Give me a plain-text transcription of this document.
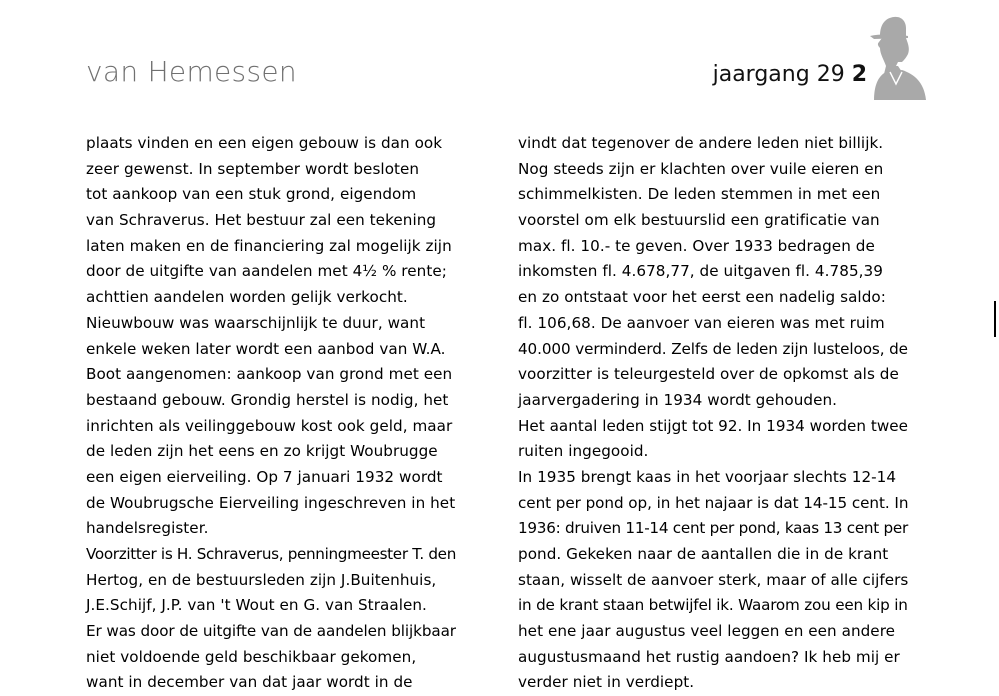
van Hemessen	jaargang 29 2
plaats vinden en een eigen gebouw is dan ook
zeer gewenst. In september wordt besloten
tot aankoop van een stuk grond, eigendom
van Schraverus. Het bestuur zal een tekening
laten maken en de financiering zal mogelijk zijn
door de uitgifte van aandelen met 4½ % rente;
achttien aandelen worden gelijk verkocht.
Nieuwbouw was waarschijnlijk te duur, want
enkele weken later wordt een aanbod van W.A.
Boot aangenomen: aankoop van grond met een
bestaand gebouw. Grondig herstel is nodig, het
inrichten als veilinggebouw kost ook geld, maar
de leden zijn het eens en zo krijgt Woubrugge
een eigen eierveiling. Op 7 januari 1932 wordt
de Woubrugsche Eierveiling ingeschreven in het
handelsregister.
Voorzitter is H. Schraverus, penningmeester T. den
Hertog, en de bestuursleden zijn J.Buitenhuis,
J.E.Schijf, J.P. van 't Wout en G. van Straalen.
Er was door de uitgifte van de aandelen blijkbaar
niet voldoende geld beschikbaar gekomen,
want in december van dat jaar wordt in de
vindt dat tegenover de andere leden niet billijk.
Nog steeds zijn er klachten over vuile eieren en
schimmelkisten. De leden stemmen in met een
voorstel om elk bestuurslid een gratificatie van
max. fl. 10.- te geven. Over 1933 bedragen de
inkomsten fl. 4.678,77, de uitgaven fl. 4.785,39
en zo ontstaat voor het eerst een nadelig saldo:
fl. 106,68. De aanvoer van eieren was met ruim
40.000 verminderd. Zelfs de leden zijn lusteloos, de
voorzitter is teleurgesteld over de opkomst als de
jaarvergadering in 1934 wordt gehouden.
Het aantal leden stijgt tot 92. In 1934 worden twee
ruiten ingegooid.
In 1935 brengt kaas in het voorjaar slechts 12-14
cent per pond op, in het najaar is dat 14-15 cent. In
1936: druiven 11-14 cent per pond, kaas 13 cent per
pond. Gekeken naar de aantallen die in de krant
staan, wisselt de aanvoer sterk, maar of alle cijfers
in de krant staan betwijfel ik. Waarom zou een kip in
het ene jaar augustus veel leggen en een andere
augustusmaand het rustig aandoen? Ik heb mij er
verder niet in verdiept.
